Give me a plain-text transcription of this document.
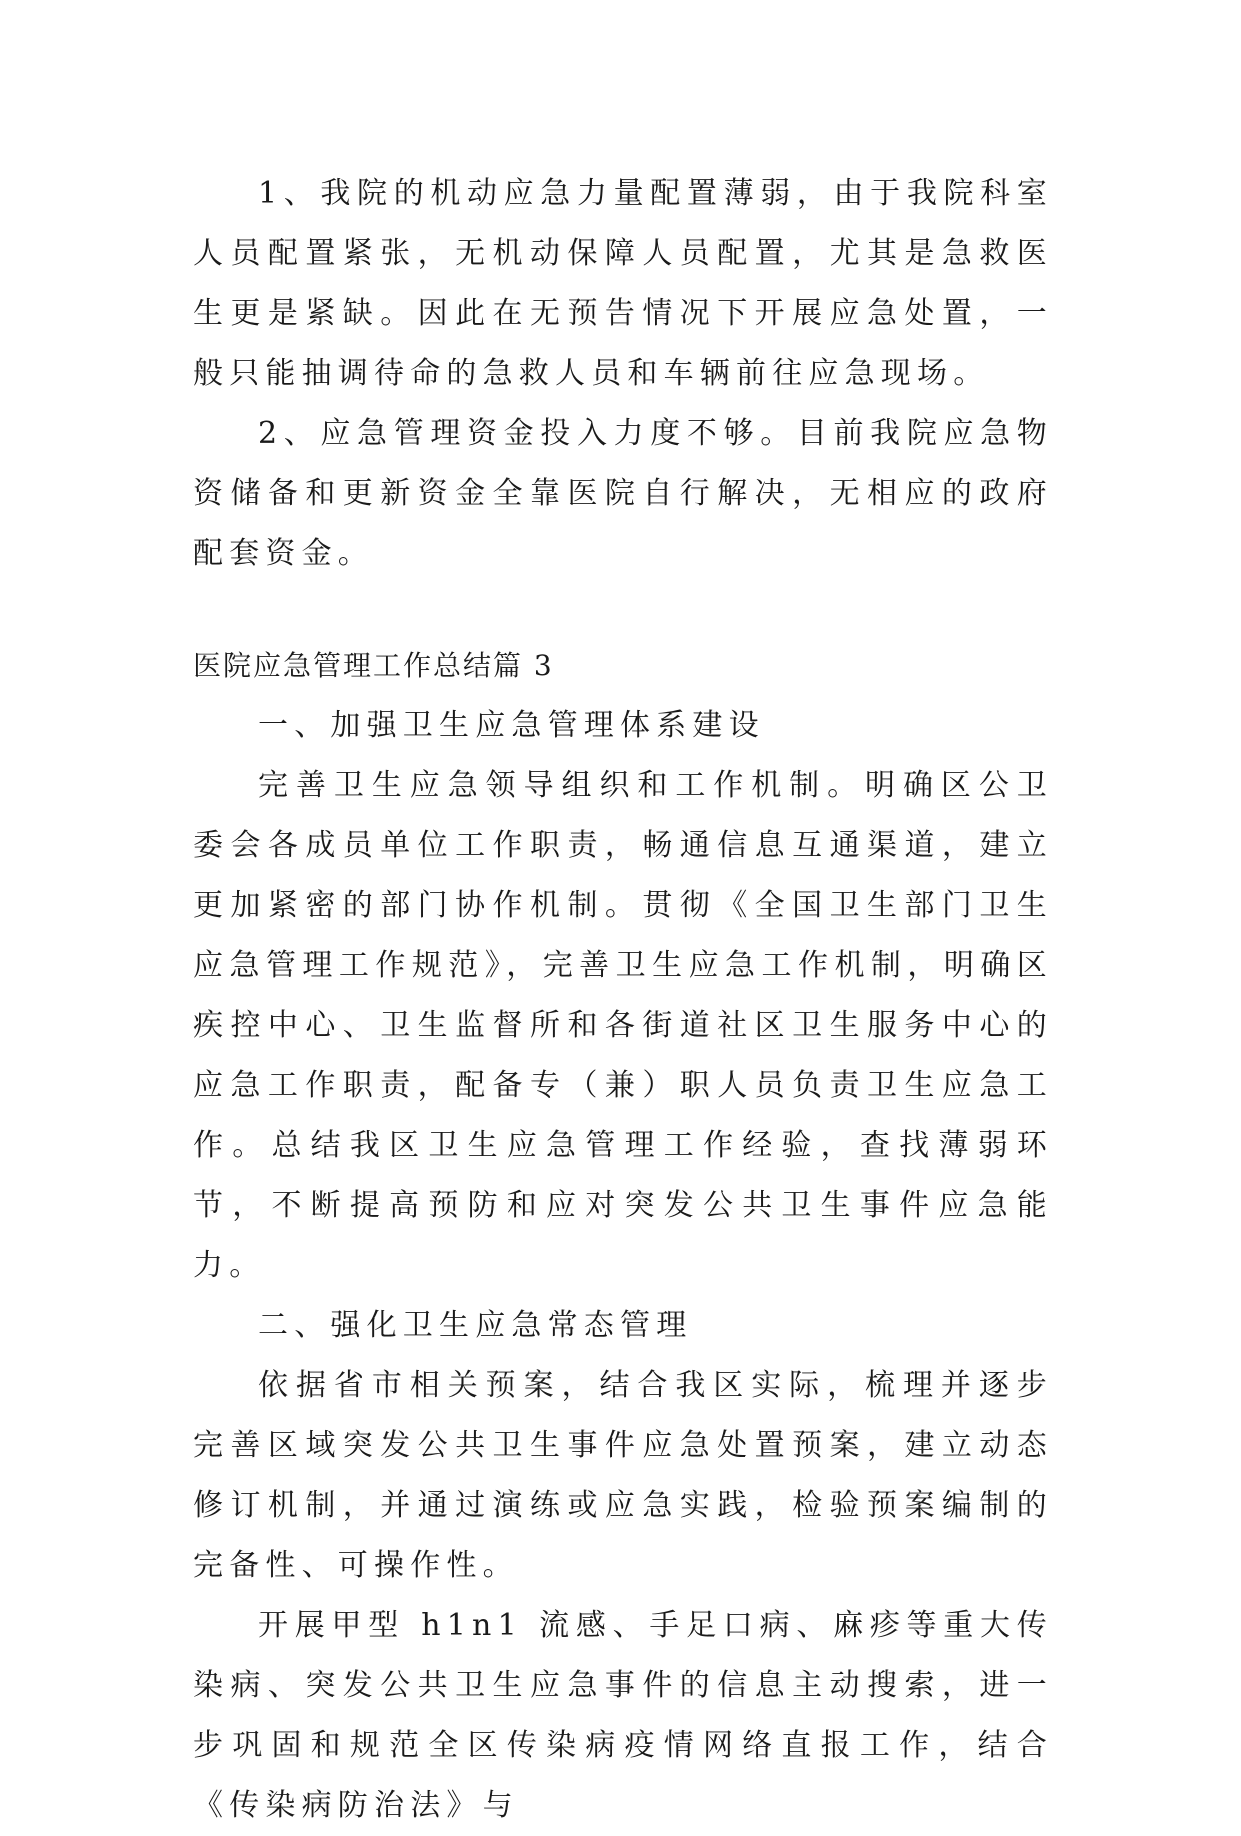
1、我院的机动应急力量配置薄弱，由于我院科室人员配置紧张，无机动保障人员配置，尤其是急救医生更是紧缺。因此在无预告情况下开展应急处置，一般只能抽调待命的急救人员和车辆前往应急现场。

2、应急管理资金投入力度不够。目前我院应急物资储备和更新资金全靠医院自行解决，无相应的政府配套资金。

医院应急管理工作总结篇 3
一、加强卫生应急管理体系建设

完善卫生应急领导组织和工作机制。明确区公卫委会各成员单位工作职责，畅通信息互通渠道，建立更加紧密的部门协作机制。贯彻《全国卫生部门卫生应急管理工作规范》，完善卫生应急工作机制，明确区疾控中心、卫生监督所和各街道社区卫生服务中心的应急工作职责，配备专（兼）职人员负责卫生应急工作。总结我区卫生应急管理工作经验，查找薄弱环节，不断提高预防和应对突发公共卫生事件应急能力。

二、强化卫生应急常态管理

依据省市相关预案，结合我区实际，梳理并逐步完善区域突发公共卫生事件应急处置预案，建立动态修订机制，并通过演练或应急实践，检验预案编制的完备性、可操作性。

开展甲型 h1n1 流感、手足口病、麻疹等重大传染病、突发公共卫生应急事件的信息主动搜索，进一步巩固和规范全区传染病疫情网络直报工作，结合《传染病防治法》与
